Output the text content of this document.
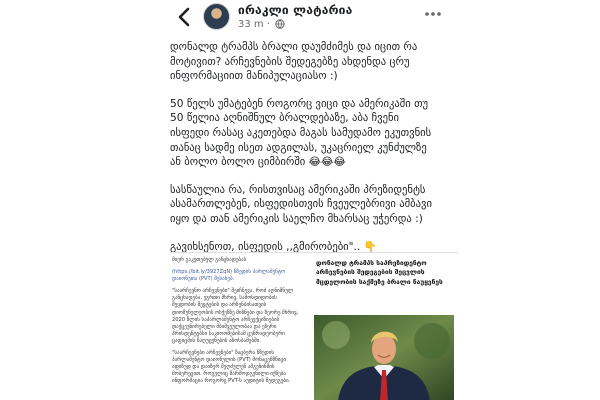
ირაკლი ლატარია
33 m ·

დონალდ ტრამპს ბრალი დაუმძიმეს და იცით რა მოტივით? არჩევნების შედეგებზე ახდენდა ცრუ ინფორმაციით მანიპულაციასო :)

50 წელს უმატებენ როგორც ვიცი და ამერიკაში თუ 50 წელია აღნიშნულ ბრალდებაზე, აბა ჩვენი ისფედი რასაც აკეთებდა მაგას სამუდამო ეკუთვნის თანაც სადმე ისეთ ადგილას, უკაცრიელ კუნძულზე ან ბოლო ბოლო ციმბირში 😂😂😂

სასწაულია რა, რისთვისაც ამერიკაში პრეზიდენტს ასამართლებენ, ისფედისთვის ჩვეულებრივი ამბავი იყო და თან ამერიკის საელჩო მხარსაც უჭერდა :)

გავიხსენოთ, ისფედის ,,გმირობები".. 👇

მიერ გაკეთებულ განცხადებას

(https://bit.ly/3927ZqN) ნზედის პარლამენტო დაიონუთა (PVT) შესახებ.

"საარჩევნო არჩევნები" შეიჩნევა, როძ აღნიშნულ განცხადება, ეგრთი მხრივ, სამოსდიდობის შეყდობის შეყტების და არჩენბისათვის დიოშუნულეობის ოსქენზე მიზნები და ზეორე მხრივ, 2020 წლის საპარლამენტო არჩეექციზიების დაქცეუნირებელი მბიშვეულობაა და ეზერი პრისდენტებსი საკიოოშებისამ ცენრადეობერი ცაფიცმის წაღუცუნების აზოსბაშებში.

"საარჩევნები არჩევნები" ზაცბერა ნზედის პარლამენტო დაიონულის (PVT) მონაცემმნიცი აფიზუდ და დაიზერ შეღძულენ ამგენინმის მობერეცით. როგელიც წარმოდგენილი იქნება ინფორმაცია როგორც PVT-ს აუდიტის შედეგები.

დონალდ ტრამპს საპრეზიდენტო არჩევნების შედეგების შეცვლის მცდელობის საქმეზე ბრალი ნაუყენეს
